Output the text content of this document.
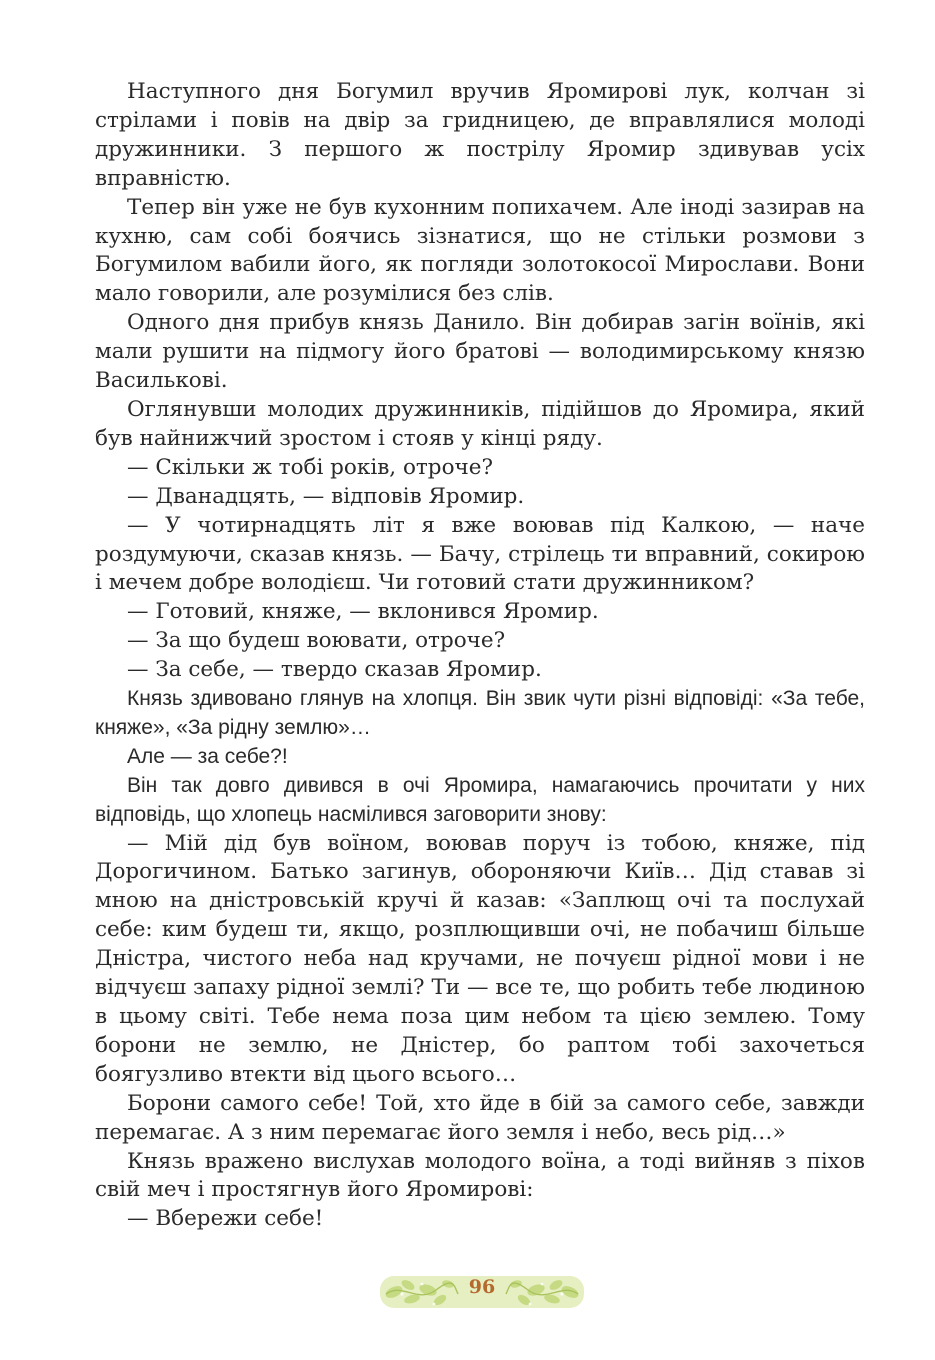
Наступного дня Богумил вручив Яромирові лук, колчан зі стрілами і повів на двір за гридницею, де вправлялися молоді дружинники. З першого ж пострілу Яромир здивував усіх вправністю.

Тепер він уже не був кухонним попихачем. Але іноді зазирав на кухню, сам собі боячись зізнатися, що не стільки розмови з Богумилом вабили його, як погляди золотокосої Мирослави. Вони мало говорили, але розумілися без слів.

Одного дня прибув князь Данило. Він добирав загін воїнів, які мали рушити на підмогу його братові — володимирському князю Василькові.

Оглянувши молодих дружинників, підійшов до Яромира, який був найнижчий зростом і стояв у кінці ряду.

— Скільки ж тобі років, отроче?

— Дванадцять, — відповів Яромир.

— У чотирнадцять літ я вже воював під Калкою, — наче роздумуючи, сказав князь. — Бачу, стрілець ти вправний, сокирою і мечем добре володієш. Чи готовий стати дружинником?

— Готовий, княже, — вклонився Яромир.

— За що будеш воювати, отроче?

— За себе, — твердо сказав Яромир.

Князь здивовано глянув на хлопця. Він звик чути різні відповіді: «За тебе, княже», «За рідну землю»…

Але — за себе?!

Він так довго дивився в очі Яромира, намагаючись прочитати у них відповідь, що хлопець насмілився заговорити знову:

— Мій дід був воїном, воював поруч із тобою, княже, під Дорогичином. Батько загинув, обороняючи Київ… Дід ставав зі мною на дністровській кручі й казав: «Заплющ очі та послухай себе: ким будеш ти, якщо, розплющивши очі, не побачиш більше Дністра, чистого неба над кручами, не почуєш рідної мови і не відчуєш запаху рідної землі? Ти — все те, що робить тебе людиною в цьому світі. Тебе нема поза цим небом та цією землею. Тому борони не землю, не Дністер, бо раптом тобі захочеться боягузливо втекти від цього всього…

Борони самого себе! Той, хто йде в бій за самого себе, завжди перемагає. А з ним перемагає його земля і небо, весь рід…»

Князь вражено вислухав молодого воїна, а тоді вийняв з піхов свій меч і простягнув його Яромирові:

— Вбережи себе!

96
